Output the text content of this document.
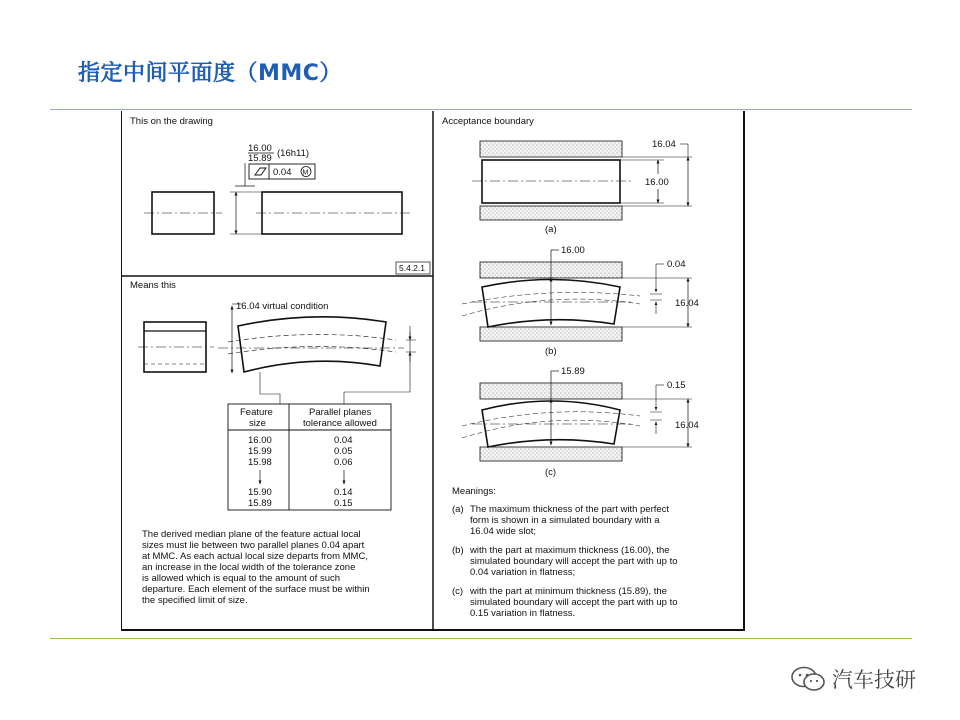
指定中间平面度（MMC）
This on the drawing
16.00
15.89 (16h11)
0.04 M
5.4.2.1
Means this
16.04 virtual condition
Feature
size
Parallel planes
tolerance allowed
16.00
15.99
15.98
15.90
15.89
0.04
0.05
0.06
0.14
0.15
The derived median plane of the feature actual local
sizes must lie between two parallel planes 0.04 apart
at MMC. As each actual local size departs from MMC,
an increase in the local width of the tolerance zone
is allowed which is equal to the amount of such
departure. Each element of the surface must be within
the specified limit of size.
Acceptance boundary
16.04
16.00
(a)
16.00
0.04
16.04
(b)
15.89
0.15
16.04
(c)
Meanings:
(a) The maximum thickness of the part with perfect
form is shown in a simulated boundary with a
16.04 wide slot;
(b) with the part at maximum thickness (16.00), the
simulated boundary will accept the part with up to
0.04 variation in flatness;
(c) with the part at minimum thickness (15.89), the
simulated boundary will accept the part with up to
0.15 variation in flatness.
汽车技研
